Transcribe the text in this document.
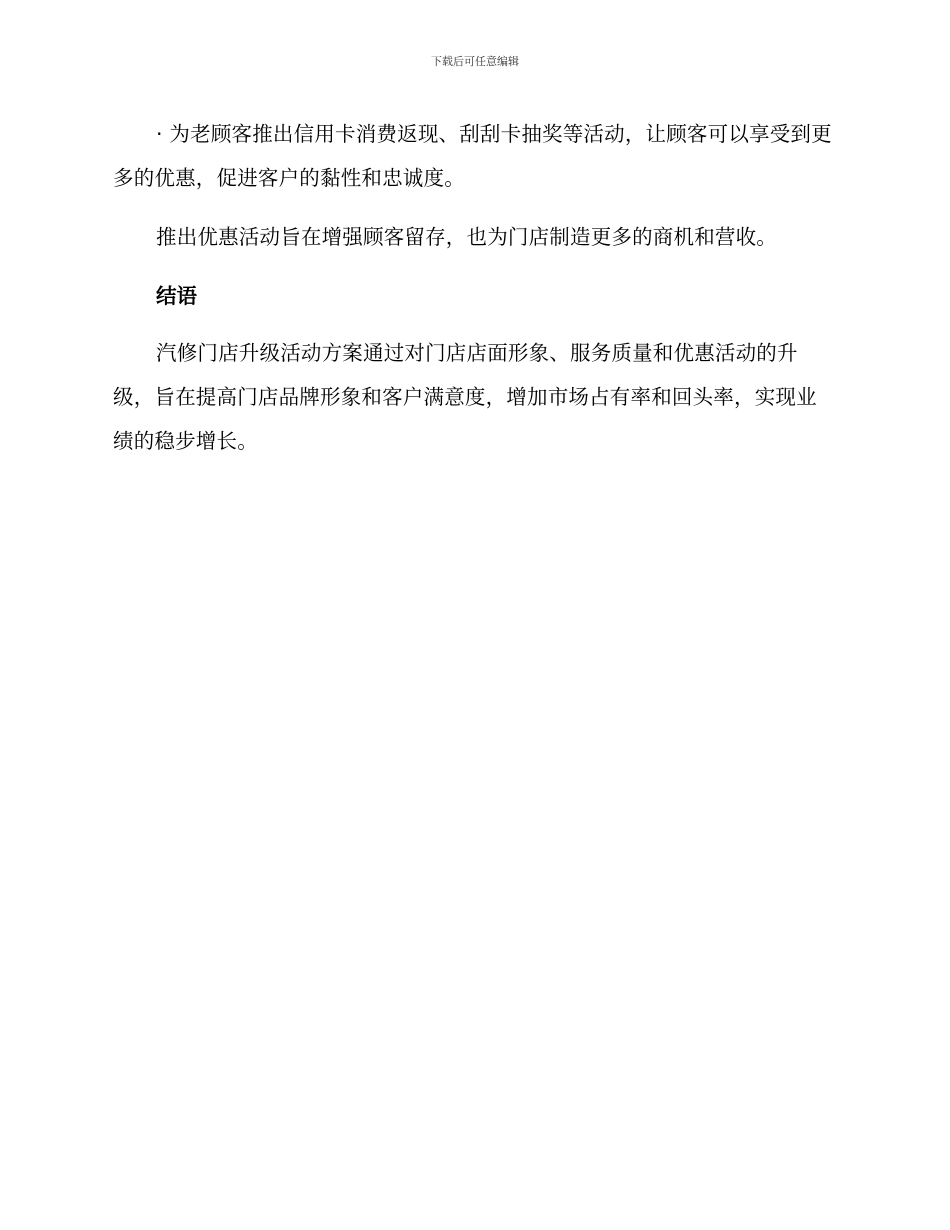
下载后可任意编辑

· 为老顾客推出信用卡消费返现、刮刮卡抽奖等活动，让顾客可以享受到更多的优惠，促进客户的黏性和忠诚度。

推出优惠活动旨在增强顾客留存，也为门店制造更多的商机和营收。

结语

汽修门店升级活动方案通过对门店店面形象、服务质量和优惠活动的升级，旨在提高门店品牌形象和客户满意度，增加市场占有率和回头率，实现业绩的稳步增长。
